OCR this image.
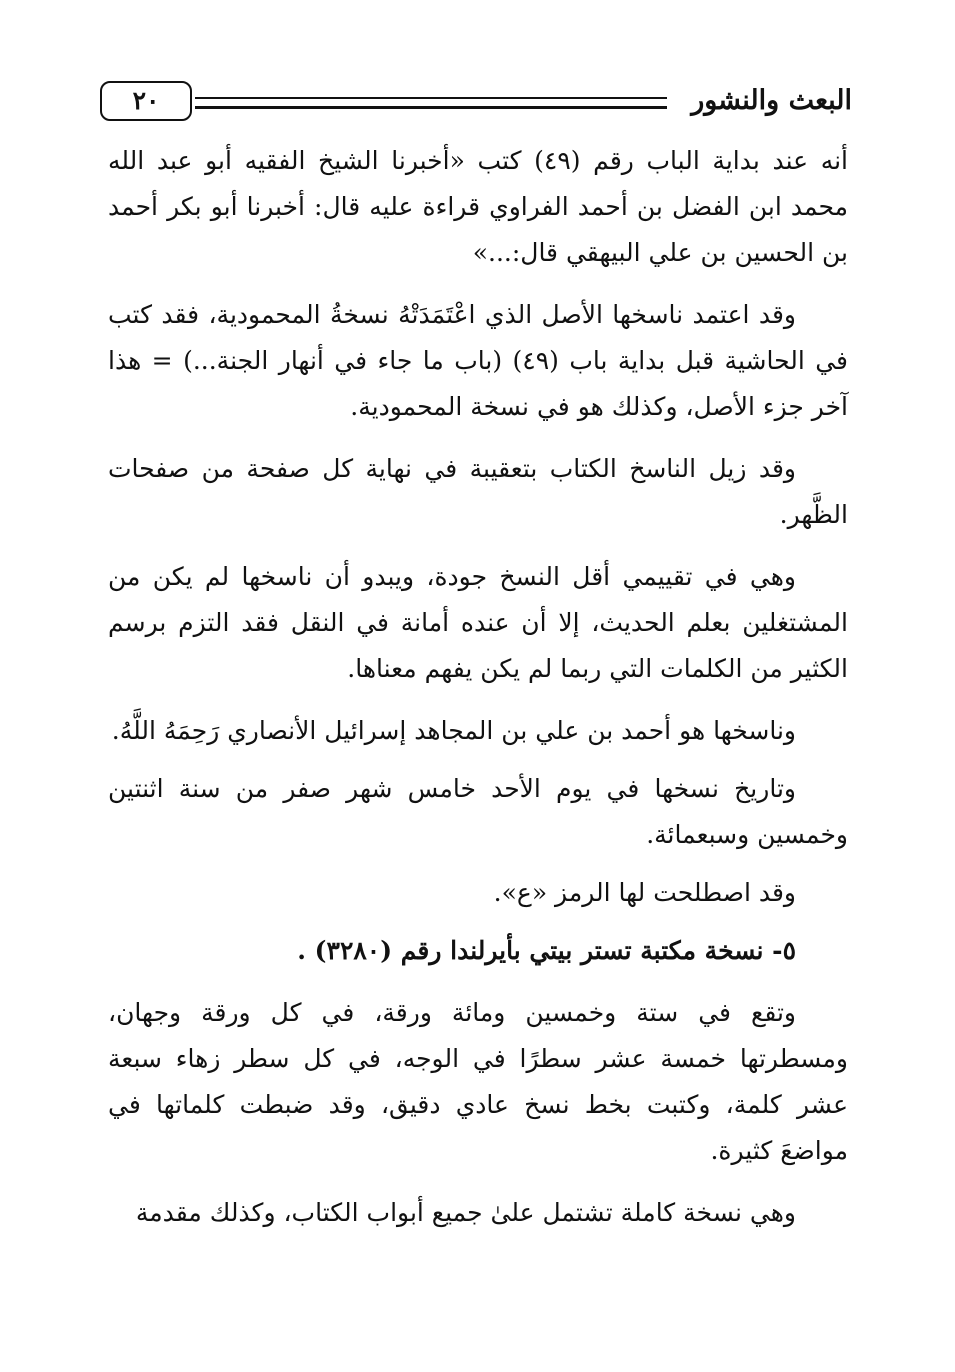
البعث والنشور
٢٠

أنه عند بداية الباب رقم (٤٩) كتب «أخبرنا الشيخ الفقيه أبو عبد الله محمد ابن الفضل بن أحمد الفراوي قراءة عليه قال: أخبرنا أبو بكر أحمد بن الحسين بن علي البيهقي قال:...»

وقد اعتمد ناسخها الأصل الذي اعْتَمَدَتْهُ نسخةُ المحمودية، فقد كتب في الحاشية قبل بداية باب (٤٩) (باب ما جاء في أنهار الجنة...) = هذا آخر جزء الأصل، وكذلك هو في نسخة المحمودية.

وقد زيل الناسخ الكتاب بتعقيبة في نهاية كل صفحة من صفحات الظَّهر.

وهي في تقييمي أقل النسخ جودة، ويبدو أن ناسخها لم يكن من المشتغلين بعلم الحديث، إلا أن عنده أمانة في النقل فقد التزم برسم الكثير من الكلمات التي ربما لم يكن يفهم معناها.

وناسخها هو أحمد بن علي بن المجاهد إسرائيل الأنصاري رَحِمَهُ اللَّهُ.

وتاريخ نسخها في يوم الأحد خامس شهر صفر من سنة اثنتين وخمسين وسبعمائة.

وقد اصطلحت لها الرمز «ع».

٥- نسخة مكتبة تستر بيتي بأيرلندا رقم (٣٢٨٠) .

وتقع في ستة وخمسين ومائة ورقة، في كل ورقة وجهان، ومسطرتها خمسة عشر سطرًا في الوجه، في كل سطر زهاء سبعة عشر كلمة، وكتبت بخط نسخ عادي دقيق، وقد ضبطت كلماتها في مواضعَ كثيرة.

وهي نسخة كاملة تشتمل علىٰ جميع أبواب الكتاب، وكذلك مقدمة
